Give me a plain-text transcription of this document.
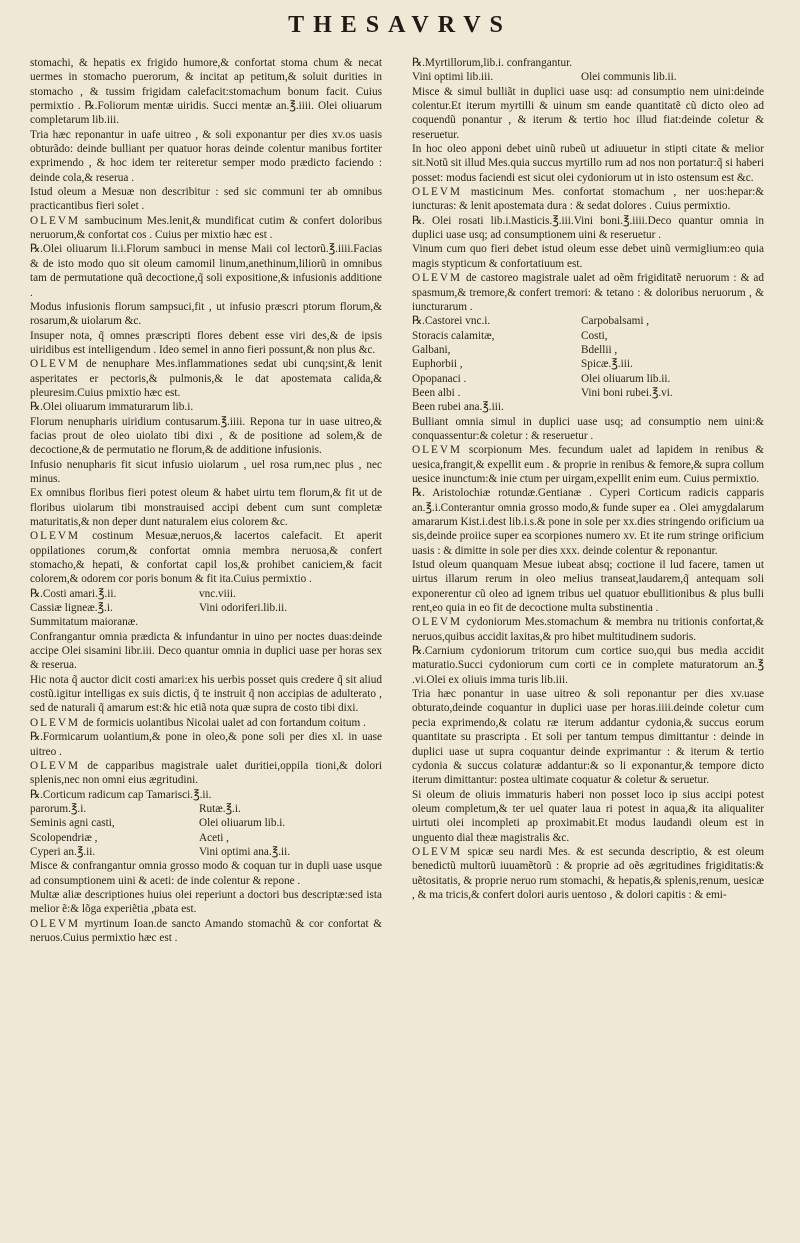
THESAVRVS

stomachi, & hepatis ex frigido humore,& confortat stoma chum & necat uermes in stomacho puerorum, & incitat ap petitum,& soluit durities in stomacho , & tussim frigidam calefacit:stomachum bonum facit. Cuius permixtio . ℞.Foliorum mentæ uiridis. Succi mentæ an.℥.iiii. Olei oliuarum completarum lib.iii.

Tria hæc reponantur in uafe uitreo , & soli exponantur per dies xv.os uasis obturãdo: deinde bulliant per quatuor horas deinde colentur manibus fortiter exprimendo , & hoc idem ter reiteretur semper modo prædicto faciendo : deinde cola,& reserua .

Istud oleum a Mesuæ non describitur : sed sic communi ter ab omnibus practicantibus fieri solet .

OLEVM sambucinum Mes.lenit,& mundificat cutim & confert doloribus neruorum,& confortat cos . Cuius per mixtio hæc est .

℞.Olei oliuarum li.i.Florum sambuci in mense Maii col lectorũ.℥.iiii.Facias & de isto modo quo sit oleum camomil linum,anethinum,liliorũ in omnibus tam de permutatione quã decoctione,q̃ soli expositione,& infusionis additione .

Modus infusionis florum sampsuci,fit , ut infusio præscri ptorum florum,& rosarum,& uiolarum &c.

Insuper nota, q̃ omnes præscripti flores debent esse viri des,& de ipsis uiridibus est intelligendum . Ideo semel in anno fieri possunt,& non plus &c.

OLEVM de nenuphare Mes.inflammationes sedat ubi cunq;sint,& lenit asperitates er pectoris,& pulmonis,& le dat apostemata calida,& pleuresim.Cuius pmixtio hæc est.

℞.Olei oliuarum immaturarum lib.i.

Florum nenupharis uiridium contusarum.℥.iiii. Repona tur in uase uitreo,& facias prout de oleo uiolato tibi dixi , & de positione ad solem,& de decoctione,& de permutatio ne florum,& de additione infusionis.

Infusio nenupharis fit sicut infusio uiolarum , uel rosa rum,nec plus , nec minus.

Ex omnibus floribus fieri potest oleum & habet uirtu tem florum,& fit ut de floribus uiolarum tibi monstrauised accipi debent cum sunt completæ maturitatis,& non deper dunt naturalem eius colorem &c.

OLEVM costinum Mesuæ,neruos,& lacertos calefacit. Et aperit oppilationes corum,& confortat omnia membra neruosa,& confert stomacho,& hepati, & confortat capil los,& prohibet caniciem,& facit colorem,& odorem cor poris bonum & fit ita.Cuius permixtio .

℞.Costi amari.℥.ii.	vnc.viii.
Cassiæ ligneæ.℥.i.	Vini odoriferi.lib.ii.

Summitatum maioranæ.

Confrangantur omnia prædicta & infundantur in uino per noctes duas:deinde accipe Olei sisamini libr.iii. Deco quantur omnia in duplici uase per horas sex & reserua.

Hic nota q̃ auctor dicit costi amari:ex his uerbis posset quis credere q̃ sit aliud costũ.igitur intelligas ex suis dictis, q̃ te instruit q̃ non accipias de adulterato , sed de naturali q̃ amarum est:& hic etiã nota quæ supra de costo tibi dixi.

OLEVM de formicis uolantibus Nicolai ualet ad con fortandum coitum .

℞.Formicarum uolantium,& pone in oleo,& pone soli per dies xl. in uase uitreo .

OLEVM de capparibus magistrale ualet duritiei,oppila tioni,& dolori splenis,nec non omni eius ægritudini.

℞.Corticum radicum cap Tamarisci.℥.ii.

parorum.℥.i.	Rutæ.℥.i.
Seminis agni casti,	Olei oliuarum lib.i.
Scolopendriæ ,	Aceti ,
Cyperi an.℥.ii.	Vini optimi ana.℥.ii.

Misce & confrangantur omnia grosso modo & coquan tur in dupli uase usque ad consumptionem uini & aceti: de inde colentur & repone .

Multæ aliæ descriptiones huius olei reperiunt a doctori bus descriptæ:sed ista melior ẽ:& lõga experiẽtia ,pbata est.

OLEVM myrtinum Ioan.de sancto Amando stomachũ & cor confortat & neruos.Cuius permixtio hæc est .

℞.Myrtillorum,lib.i. confrangantur.

Vini optimi lib.iii.	Olei communis lib.ii.

Misce & simul bulliãt in duplici uase usq: ad consumptio nem uini:deinde colentur.Et iterum myrtilli & uinum sm eande quantitatẽ cũ dicto oleo ad coquendũ ponantur , & iterum & tertio hoc illud fiat:deinde coletur & reseruetur.

In hoc oleo apponi debet uinũ rubeũ ut adiuuetur in stipti citate & melior sit.Notũ sit illud Mes.quia succus myrtillo rum ad nos non portatur:q̃ si haberi posset: modus faciendi est sicut olei cydoniorum ut in isto ostensum est &c.

OLEVM masticinum Mes. confortat stomachum , ner uos:hepar:& iuncturas: & lenit apostemata dura : & sedat dolores . Cuius permixtio.

℞. Olei rosati lib.i.Masticis.℥.iii.Vini boni.℥.iiii.Deco quantur omnia in duplici uase usq; ad consumptionem uini & reseruetur .

Vinum cum quo fieri debet istud oleum esse debet uinũ vermiglium:eo quia magis stypticum & confortatiuum est.

OLEVM de castoreo magistrale ualet ad oẽm frigiditatẽ neruorum : & ad spasmum,& tremore,& confert tremori: & tetano : & doloribus neruorum , & iuncturarum .

℞.Castorei vnc.i.	Carpobalsami ,
Storacis calamitæ,	Costi,
Galbani,	Bdellii ,
Euphorbii ,	Spicæ.℥.iii.
Opopanaci .	Olei oliuarum lib.ii.
Been albi .	Vini boni rubei.℥.vi.

Been rubei ana.℥.iii.

Bulliant omnia simul in duplici uase usq; ad consumptio nem uini:& conquassentur:& coletur : & reseruetur .

OLEVM scorpionum Mes. fecundum ualet ad lapidem in renibus & uesica,frangit,& expellit eum . & proprie in renibus & femore,& supra collum uesice inunctum:& inie ctum per uirgam,expellit enim eum. Cuius permixtio.

℞. Aristolochiæ rotundæ.Gentianæ . Cyperi Corticum radicis capparis an.℥.i.Conterantur omnia grosso modo,& funde super ea . Olei amygdalarum amararum Kist.i.dest lib.i.s.& pone in sole per xx.dies stringendo orificium ua sis,deinde proiice super ea scorpiones numero xv. Et ite rum stringe orificium uasis : & dimitte in sole per dies xxx. deinde colentur & reponantur.

Istud oleum quanquam Mesue iubeat absq; coctione il lud facere, tamen ut uirtus illarum rerum in oleo melius transeat,laudarem,q̃ antequam soli exponerentur cũ oleo ad ignem tribus uel quatuor ebullitionibus & plus bulli rent,eo quia in eo fit de decoctione multa substinentia .

OLEVM cydoniorum Mes.stomachum & membra nu tritionis confortat,& neruos,quibus accidit laxitas,& pro hibet multitudinem sudoris.

℞.Carnium cydoniorum tritorum cum cortice suo,qui bus media accidit maturatio.Succi cydoniorum cum corti ce in complete maturatorum an.℥ .vi.Olei ex oliuis imma turis lib.iii.

Tria hæc ponantur in uase uitreo & soli reponantur per dies xv.uase obturato,deinde coquantur in duplici uase per horas.iiii.deinde coletur cum pecia exprimendo,& colatu ræ iterum addantur cydonia,& succus eorum quantitate su prascripta . Et soli per tantum tempus dimittantur : deinde in duplici uase ut supra coquantur deinde exprimantur : & iterum & tertio cydonia & succus colaturæ addantur:& so li exponantur,& tempore dicto iterum dimittantur: postea ultimate coquatur & coletur & seruetur.

Si oleum de oliuis immaturis haberi non posset loco ip sius accipi potest oleum completum,& ter uel quater laua ri potest in aqua,& ita aliqualiter uirtuti olei incompleti ap proximabit.Et modus laudandi oleum est in unguento dial theæ magistralis &c.

OLEVM spicæ seu nardi Mes. & est secunda descriptio, & est oleum benedictũ multorũ iuuamẽtorũ : & proprie ad oẽs ægritudines frigiditatis:& uẽtositatis, & proprie neruo rum stomachi, & hepatis,& splenis,renum, uesicæ , & ma tricis,& confert dolori auris uentoso , & dolori capitis : & emi-
